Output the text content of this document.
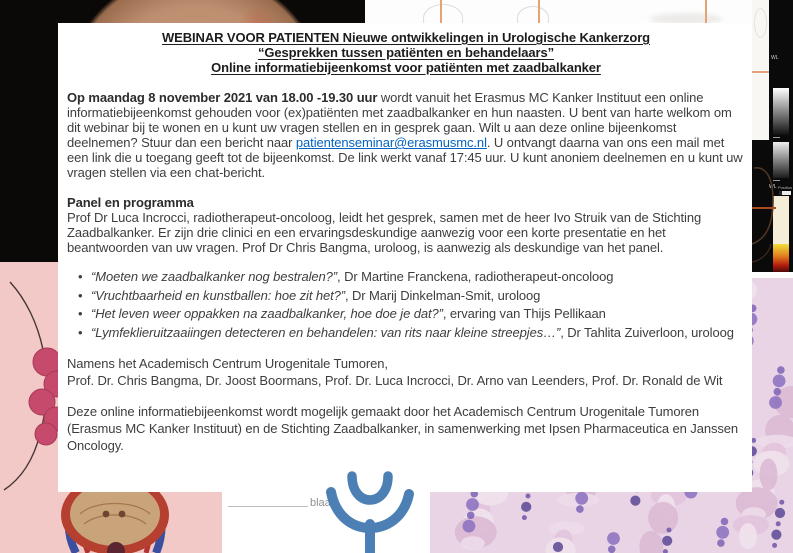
WL
WL Position
blaas
WEBINAR VOOR PATIENTEN Nieuwe ontwikkelingen in Urologische Kankerzorg
“Gesprekken tussen patiënten en behandelaars”
Online informatiebijeenkomst voor patiënten met zaadbalkanker

Op maandag 8 november 2021 van 18.00 -19.30 uur wordt vanuit het Erasmus MC Kanker Instituut een online informatiebijeenkomst gehouden voor (ex)patiënten met zaadbalkanker en hun naasten. U bent van harte welkom om dit webinar bij te wonen en u kunt uw vragen stellen en in gesprek gaan. Wilt u aan deze online bijeenkomst deelnemen? Stuur dan een bericht naar patientenseminar@erasmusmc.nl. U ontvangt daarna van ons een mail met een link die u toegang geeft tot de bijeenkomst. De link werkt vanaf 17:45 uur. U kunt anoniem deelnemen en u kunt uw vragen stellen via een chat-bericht.

Panel en programma

Prof Dr Luca Incrocci, radiotherapeut-oncoloog, leidt het gesprek, samen met de heer Ivo Struik van de Stichting Zaadbalkanker. Er zijn drie clinici en een ervaringsdeskundige aanwezig voor een korte presentatie en het beantwoorden van uw vragen. Prof Dr Chris Bangma, uroloog, is aanwezig als deskundige van het panel.

• “Moeten we zaadbalkanker nog bestralen?”, Dr Martine Franckena, radiotherapeut-oncoloog
• “Vruchtbaarheid en kunstballen: hoe zit het?”, Dr Marij Dinkelman-Smit, uroloog
• “Het leven weer oppakken na zaadbalkanker, hoe doe je dat?”, ervaring van Thijs Pellikaan
• “Lymfeklieruitzaaiingen detecteren en behandelen: van rits naar kleine streepjes…”, Dr Tahlita Zuiverloon, uroloog

Namens het Academisch Centrum Urogenitale Tumoren,

Prof. Dr. Chris Bangma, Dr. Joost Boormans, Prof. Dr. Luca Incrocci, Dr. Arno van Leenders, Prof. Dr. Ronald de Wit

Deze online informatiebijeenkomst wordt mogelijk gemaakt door het Academisch Centrum Urogenitale Tumoren (Erasmus MC Kanker Instituut) en de Stichting Zaadbalkanker, in samenwerking met Ipsen Pharmaceutica en Janssen Oncology.
